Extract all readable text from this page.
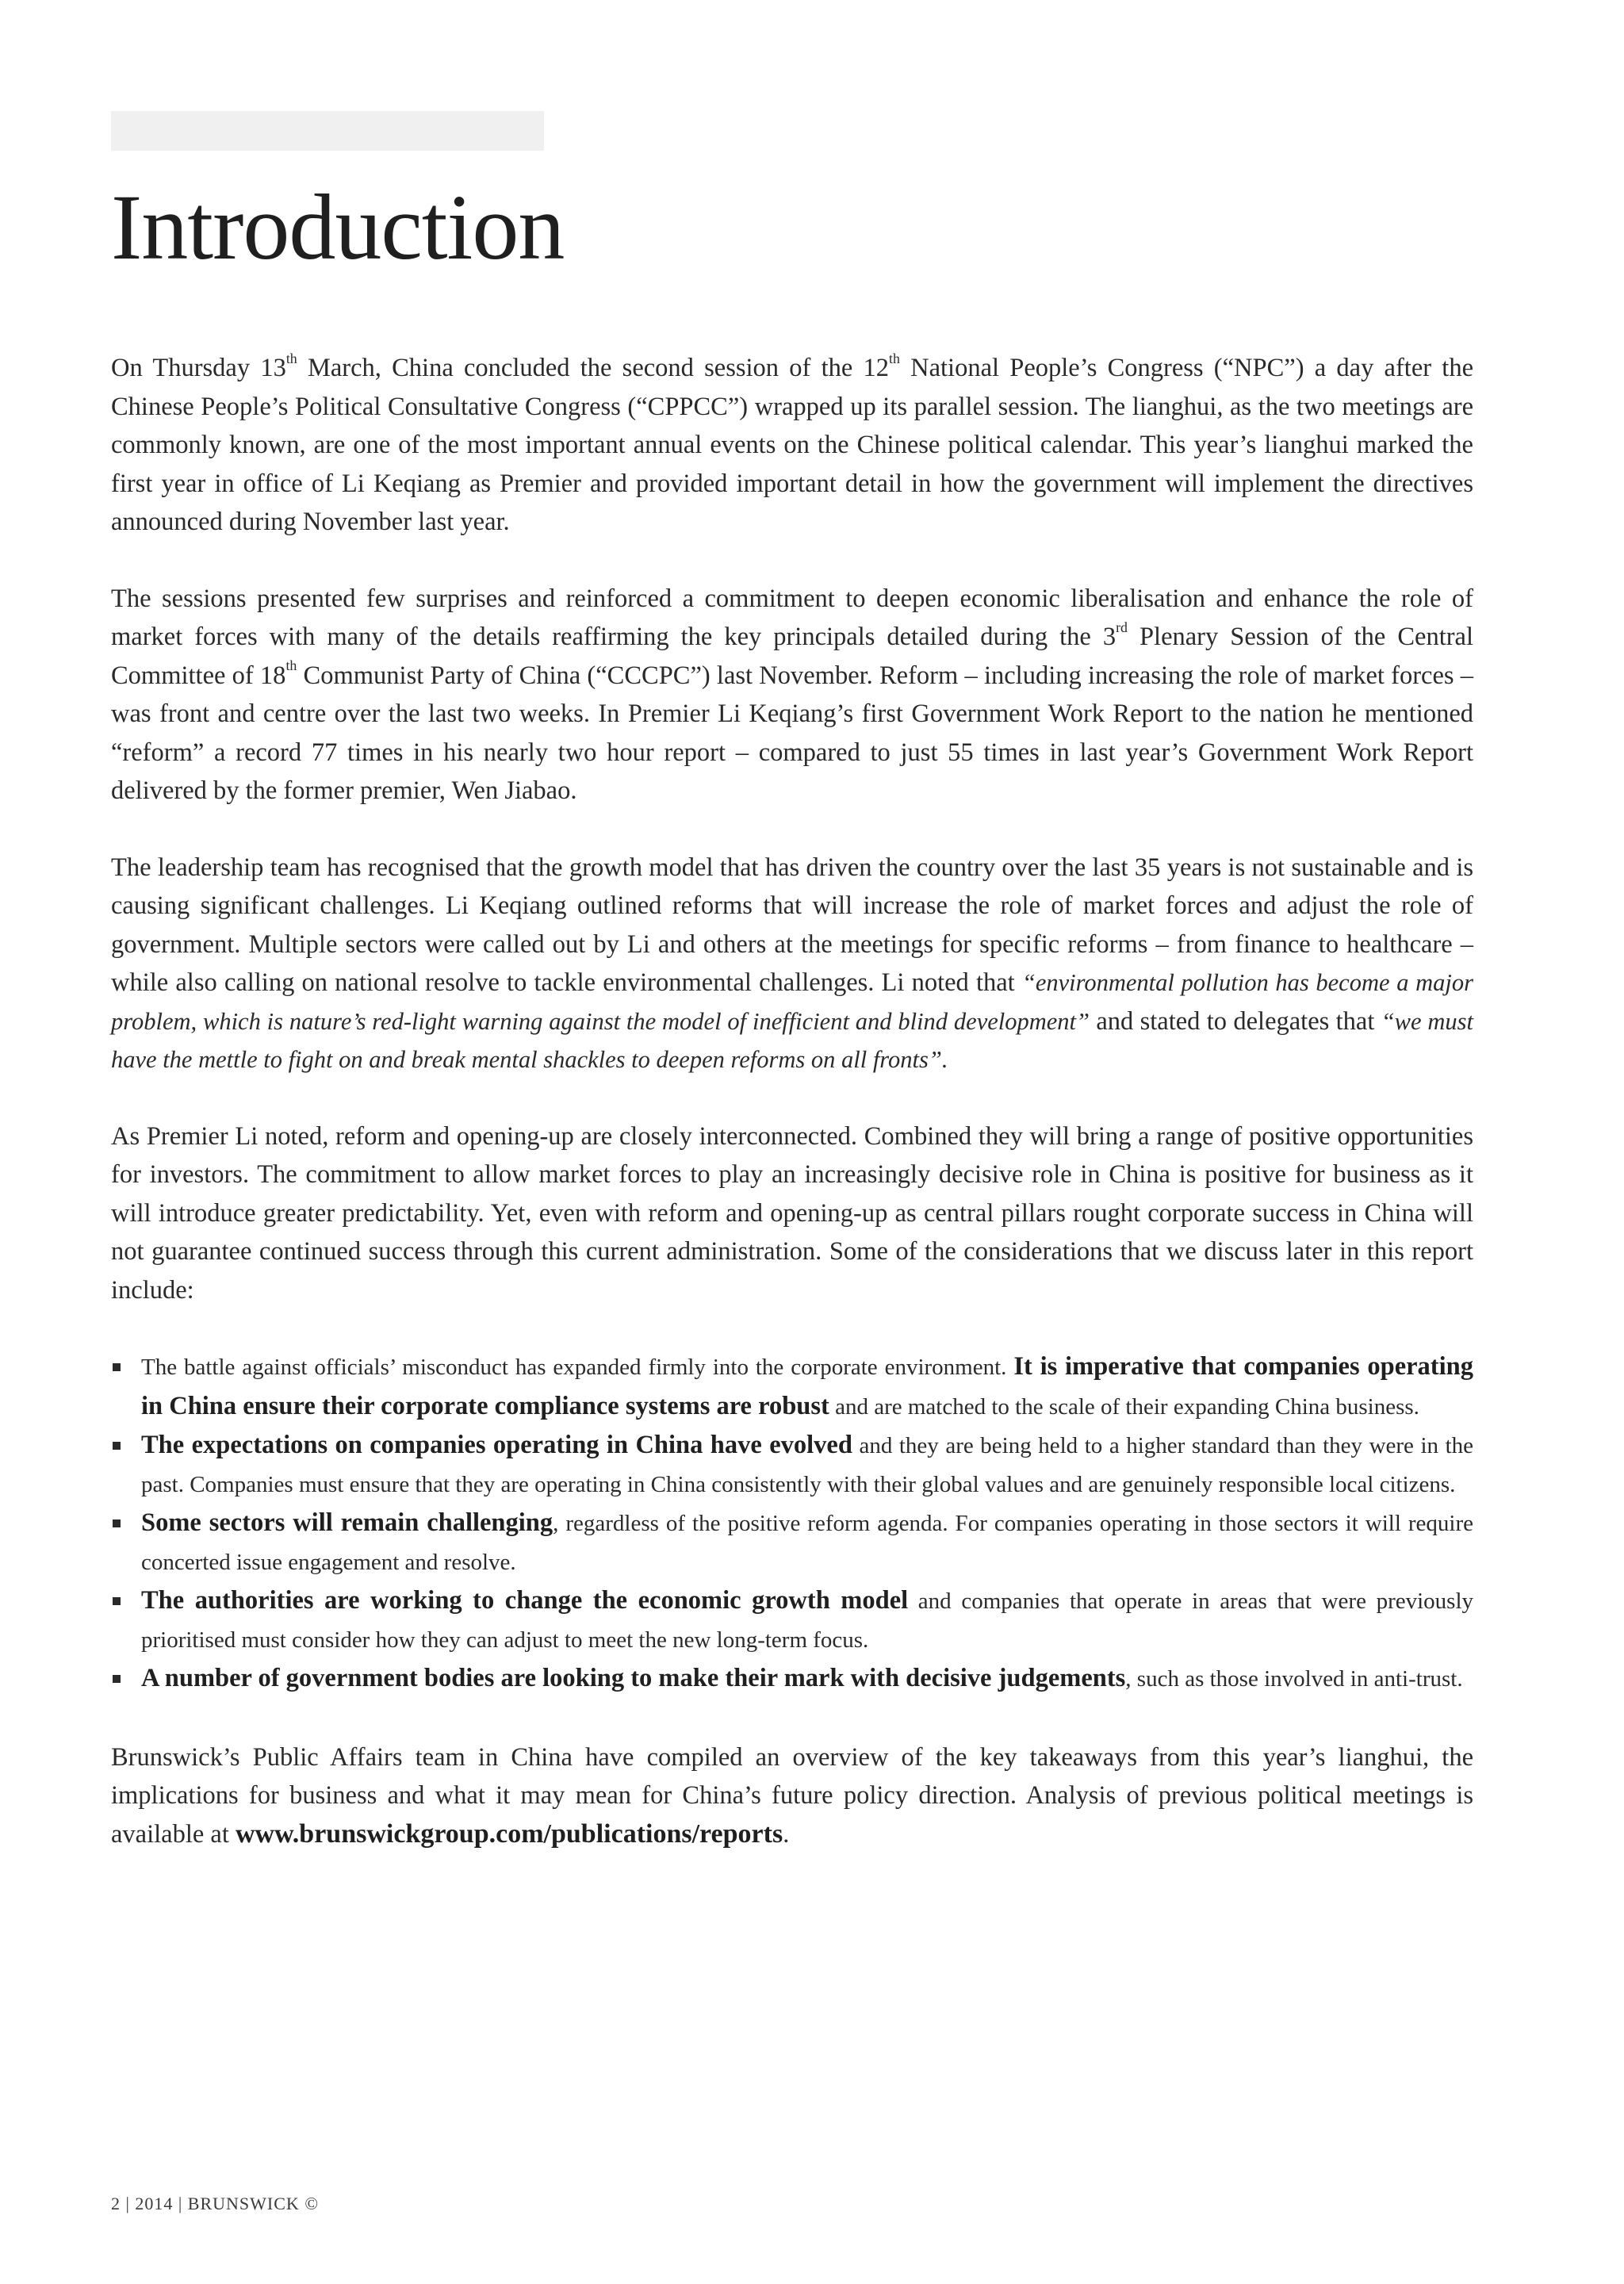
Introduction

On Thursday 13th March, China concluded the second session of the 12th National People’s Congress (“NPC”) a day after the Chinese People’s Political Consultative Congress (“CPPCC”) wrapped up its parallel session. The lianghui, as the two meetings are commonly known, are one of the most important annual events on the Chinese political calendar. This year’s lianghui marked the first year in office of Li Keqiang as Premier and provided important detail in how the government will implement the directives announced during November last year.

The sessions presented few surprises and reinforced a commitment to deepen economic liberalisation and enhance the role of market forces with many of the details reaffirming the key principals detailed during the 3rd Plenary Session of the Central Committee of 18th Communist Party of China (“CCCPC”) last November. Reform – including increasing the role of market forces – was front and centre over the last two weeks. In Premier Li Keqiang’s first Government Work Report to the nation he mentioned “reform” a record 77 times in his nearly two hour report – compared to just 55 times in last year’s Government Work Report delivered by the former premier, Wen Jiabao.

The leadership team has recognised that the growth model that has driven the country over the last 35 years is not sustainable and is causing significant challenges. Li Keqiang outlined reforms that will increase the role of market forces and adjust the role of government. Multiple sectors were called out by Li and others at the meetings for specific reforms – from finance to healthcare – while also calling on national resolve to tackle environmental challenges. Li noted that “environmental pollution has become a major problem, which is nature’s red-light warning against the model of inefficient and blind development” and stated to delegates that “we must have the mettle to fight on and break mental shackles to deepen reforms on all fronts”.

As Premier Li noted, reform and opening-up are closely interconnected. Combined they will bring a range of positive opportunities for investors. The commitment to allow market forces to play an increasingly decisive role in China is positive for business as it will introduce greater predictability. Yet, even with reform and opening-up as central pillars rought corporate success in China will not guarantee continued success through this current administration. Some of the considerations that we discuss later in this report include:

The battle against officials’ misconduct has expanded firmly into the corporate environment. It is imperative that companies operating in China ensure their corporate compliance systems are robust and are matched to the scale of their expanding China business.
The expectations on companies operating in China have evolved and they are being held to a higher standard than they were in the past. Companies must ensure that they are operating in China consistently with their global values and are genuinely responsible local citizens.
Some sectors will remain challenging, regardless of the positive reform agenda. For companies operating in those sectors it will require concerted issue engagement and resolve.
The authorities are working to change the economic growth model and companies that operate in areas that were previously prioritised must consider how they can adjust to meet the new long-term focus.
A number of government bodies are looking to make their mark with decisive judgements, such as those involved in anti-trust.

Brunswick’s Public Affairs team in China have compiled an overview of the key takeaways from this year’s lianghui, the implications for business and what it may mean for China’s future policy direction. Analysis of previous political meetings is available at www.brunswickgroup.com/publications/reports.

2 | 2014 | BRUNSWICK ©
